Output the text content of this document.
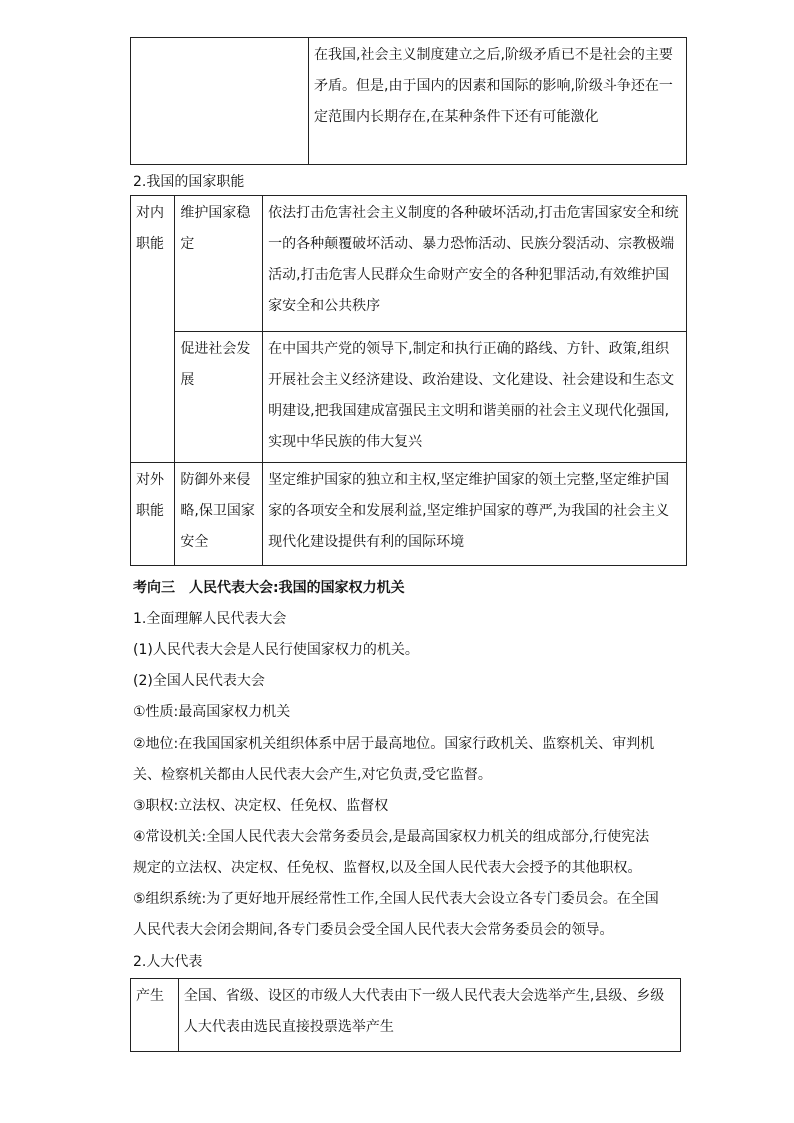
	在我国,社会主义制度建立之后,阶级矛盾已不是社会的主要矛盾。但是,由于国内的因素和国际的影响,阶级斗争还在一定范围内长期存在,在某种条件下还有可能激化
2.我国的国家职能
对内职能	维护国家稳定	依法打击危害社会主义制度的各种破坏活动,打击危害国家安全和统一的各种颠覆破坏活动、暴力恐怖活动、民族分裂活动、宗教极端活动,打击危害人民群众生命财产安全的各种犯罪活动,有效维护国家安全和公共秩序
	促进社会发展	在中国共产党的领导下,制定和执行正确的路线、方针、政策,组织开展社会主义经济建设、政治建设、文化建设、社会建设和生态文明建设,把我国建成富强民主文明和谐美丽的社会主义现代化强国,实现中华民族的伟大复兴
对外职能	防御外来侵略,保卫国家安全	坚定维护国家的独立和主权,坚定维护国家的领土完整,坚定维护国家的各项安全和发展利益,坚定维护国家的尊严,为我国的社会主义现代化建设提供有利的国际环境
考向三　人民代表大会:我国的国家权力机关
1.全面理解人民代表大会
(1)人民代表大会是人民行使国家权力的机关。
(2)全国人民代表大会
①性质:最高国家权力机关
②地位:在我国国家机关组织体系中居于最高地位。国家行政机关、监察机关、审判机
关、检察机关都由人民代表大会产生,对它负责,受它监督。
③职权:立法权、决定权、任免权、监督权
④常设机关:全国人民代表大会常务委员会,是最高国家权力机关的组成部分,行使宪法
规定的立法权、决定权、任免权、监督权,以及全国人民代表大会授予的其他职权。
⑤组织系统:为了更好地开展经常性工作,全国人民代表大会设立各专门委员会。在全国
人民代表大会闭会期间,各专门委员会受全国人民代表大会常务委员会的领导。
2.人大代表
产生	全国、省级、设区的市级人大代表由下一级人民代表大会选举产生,县级、乡级人大代表由选民直接投票选举产生
